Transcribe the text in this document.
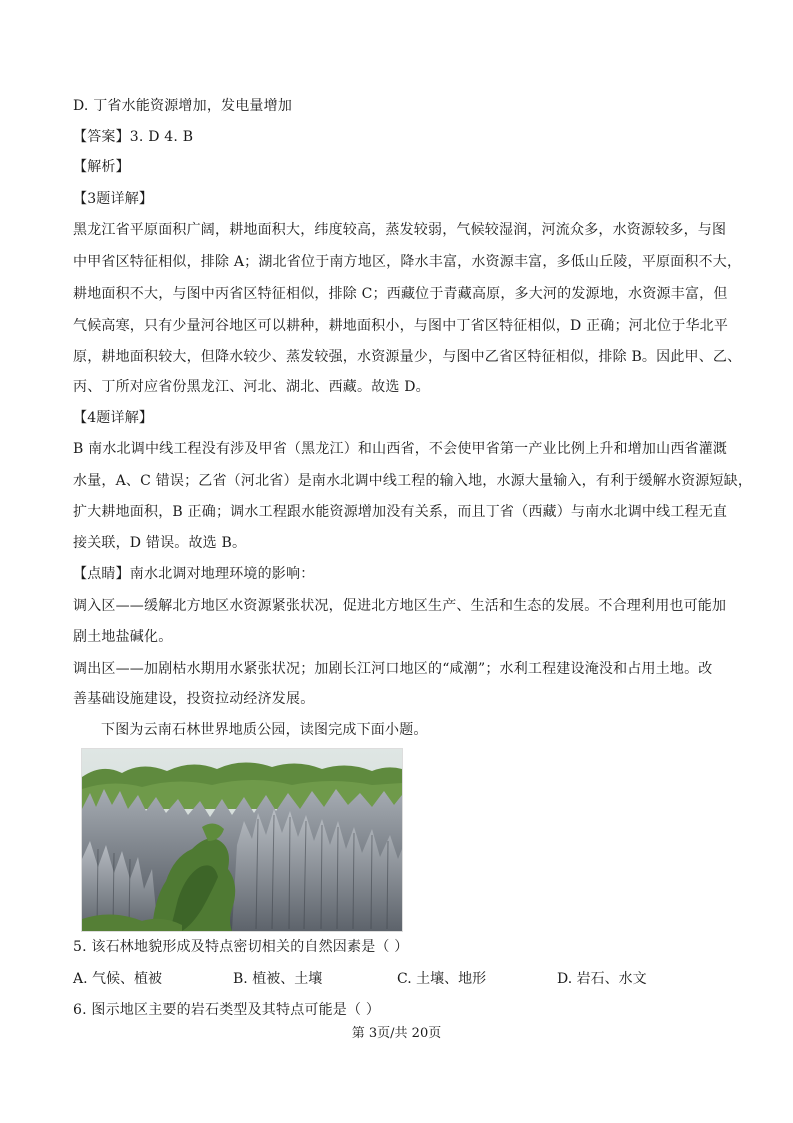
D. 丁省水能资源增加，发电量增加
【答案】3. D 4. B
【解析】
【3题详解】
黑龙江省平原面积广阔，耕地面积大，纬度较高，蒸发较弱，气候较湿润，河流众多，水资源较多，与图
中甲省区特征相似，排除 A；湖北省位于南方地区，降水丰富，水资源丰富，多低山丘陵，平原面积不大，
耕地面积不大，与图中丙省区特征相似，排除 C；西藏位于青藏高原，多大河的发源地，水资源丰富，但
气候高寒，只有少量河谷地区可以耕种，耕地面积小，与图中丁省区特征相似，D 正确；河北位于华北平
原，耕地面积较大，但降水较少、蒸发较强，水资源量少，与图中乙省区特征相似，排除 B。因此甲、乙、
丙、丁所对应省份黑龙江、河北、湖北、西藏。故选 D。
【4题详解】
B 南水北调中线工程没有涉及甲省（黑龙江）和山西省，不会使甲省第一产业比例上升和增加山西省灌溉
水量，A、C 错误；乙省（河北省）是南水北调中线工程的输入地，水源大量输入，有利于缓解水资源短缺，
扩大耕地面积，B 正确；调水工程跟水能资源增加没有关系，而且丁省（西藏）与南水北调中线工程无直
接关联，D 错误。故选 B。
【点睛】南水北调对地理环境的影响：
调入区——缓解北方地区水资源紧张状况，促进北方地区生产、生活和生态的发展。不合理利用也可能加
剧土地盐碱化。
调出区——加剧枯水期用水紧张状况；加剧长江河口地区的“咸潮”；水利工程建设淹没和占用土地。改
善基础设施建设，投资拉动经济发展。
下图为云南石林世界地质公园，读图完成下面小题。
5. 该石林地貌形成及特点密切相关的自然因素是（ ）
A. 气候、植被	B. 植被、土壤	C. 土壤、地形	D. 岩石、水文
6. 图示地区主要的岩石类型及其特点可能是（ ）
第 3页/共 20页
